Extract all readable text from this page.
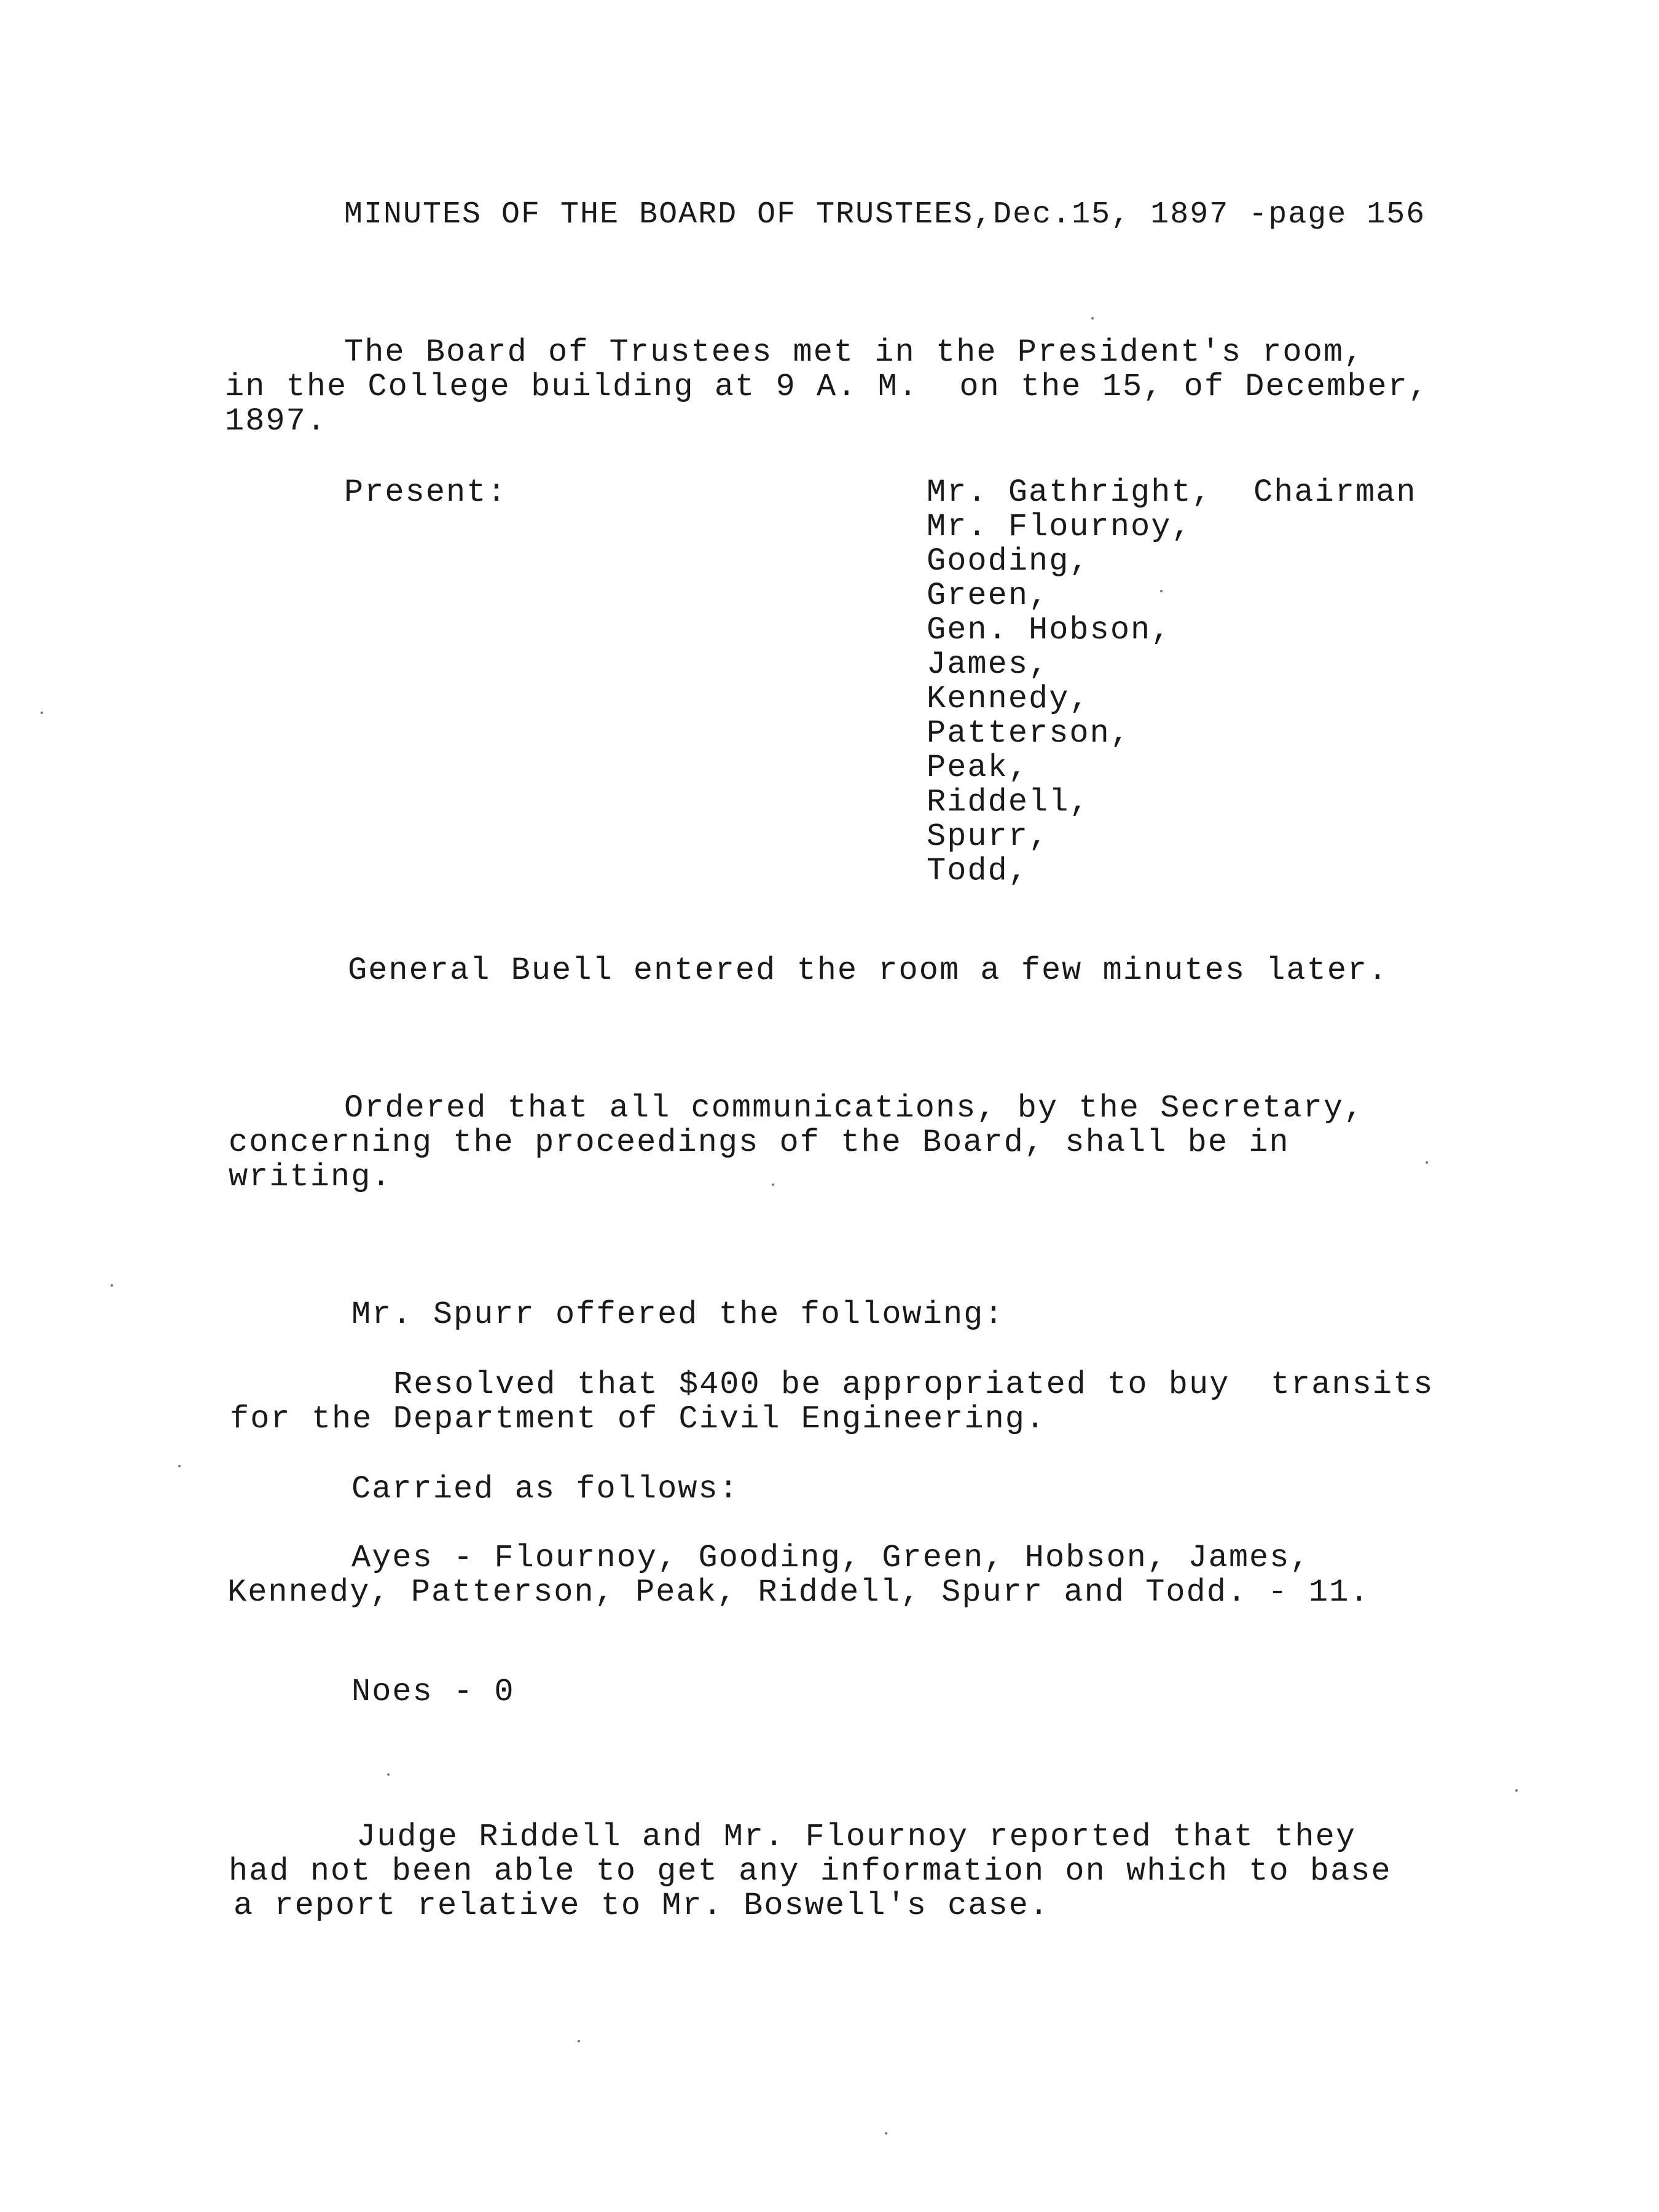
MINUTES OF THE BOARD OF TRUSTEES,Dec.15, 1897 -page 156
The Board of Trustees met in the President's room,
in the College building at 9 A. M.  on the 15, of December,
1897.
Present:	Chairman
Mr. Gathright,
Mr. Flournoy,
Gooding,
Green,
Gen. Hobson,
James,
Kennedy,
Patterson,
Peak,
Riddell,
Spurr,
Todd,
General Buell entered the room a few minutes later.
Ordered that all communications, by the Secretary,
concerning the proceedings of the Board, shall be in
writing.
Mr. Spurr offered the following:
Resolved that $400 be appropriated to buy  transits
for the Department of Civil Engineering.
Carried as follows:
Ayes - Flournoy, Gooding, Green, Hobson, James,
Kennedy, Patterson, Peak, Riddell, Spurr and Todd. - 11.
Noes - 0
Judge Riddell and Mr. Flournoy reported that they
had not been able to get any information on which to base
a report relative to Mr. Boswell's case.
